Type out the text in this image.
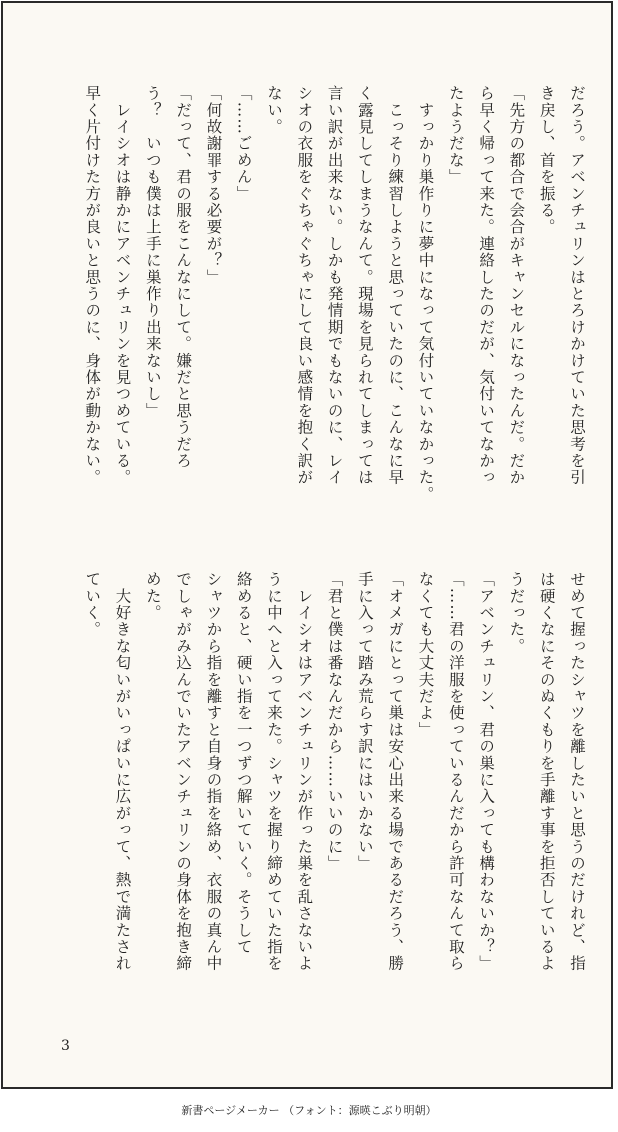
だろう。アベンチュリンはとろけかけていた思考を引
き戻し、首を振る。
「先方の都合で会合がキャンセルになったんだ。だか
ら早く帰って来た。連絡したのだが、気付いてなかっ
たようだな」
　すっかり巣作りに夢中になって気付いていなかった。
　こっそり練習しようと思っていたのに、こんなに早
く露見してしまうなんて。現場を見られてしまっては
言い訳が出来ない。しかも発情期でもないのに、レイ
シオの衣服をぐちゃぐちゃにして良い感情を抱く訳が
ない。
「……ごめん」
「何故謝罪する必要が？」
「だって、君の服をこんなにして。嫌だと思うだろ
う？　いつも僕は上手に巣作り出来ないし」
　レイシオは静かにアベンチュリンを見つめている。
早く片付けた方が良いと思うのに、身体が動かない。
せめて握ったシャツを離したいと思うのだけれど、指
は硬くなにそのぬくもりを手離す事を拒否しているよ
うだった。
「アベンチュリン、君の巣に入っても構わないか？」
「……君の洋服を使っているんだから許可なんて取ら
なくても大丈夫だよ」
「オメガにとって巣は安心出来る場であるだろう、勝
手に入って踏み荒らす訳にはいかない」
「君と僕は番なんだから……いいのに」
　レイシオはアベンチュリンが作った巣を乱さないよ
うに中へと入って来た。シャツを握り締めていた指を
絡めると、硬い指を一つずつ解いていく。そうして
シャツから指を離すと自身の指を絡め、衣服の真ん中
でしゃがみ込んでいたアベンチュリンの身体を抱き締
めた。
　大好きな匂いがいっぱいに広がって、熱で満たされ
ていく。
3
新書ページメーカー （フォント：源暎こぶり明朝）
